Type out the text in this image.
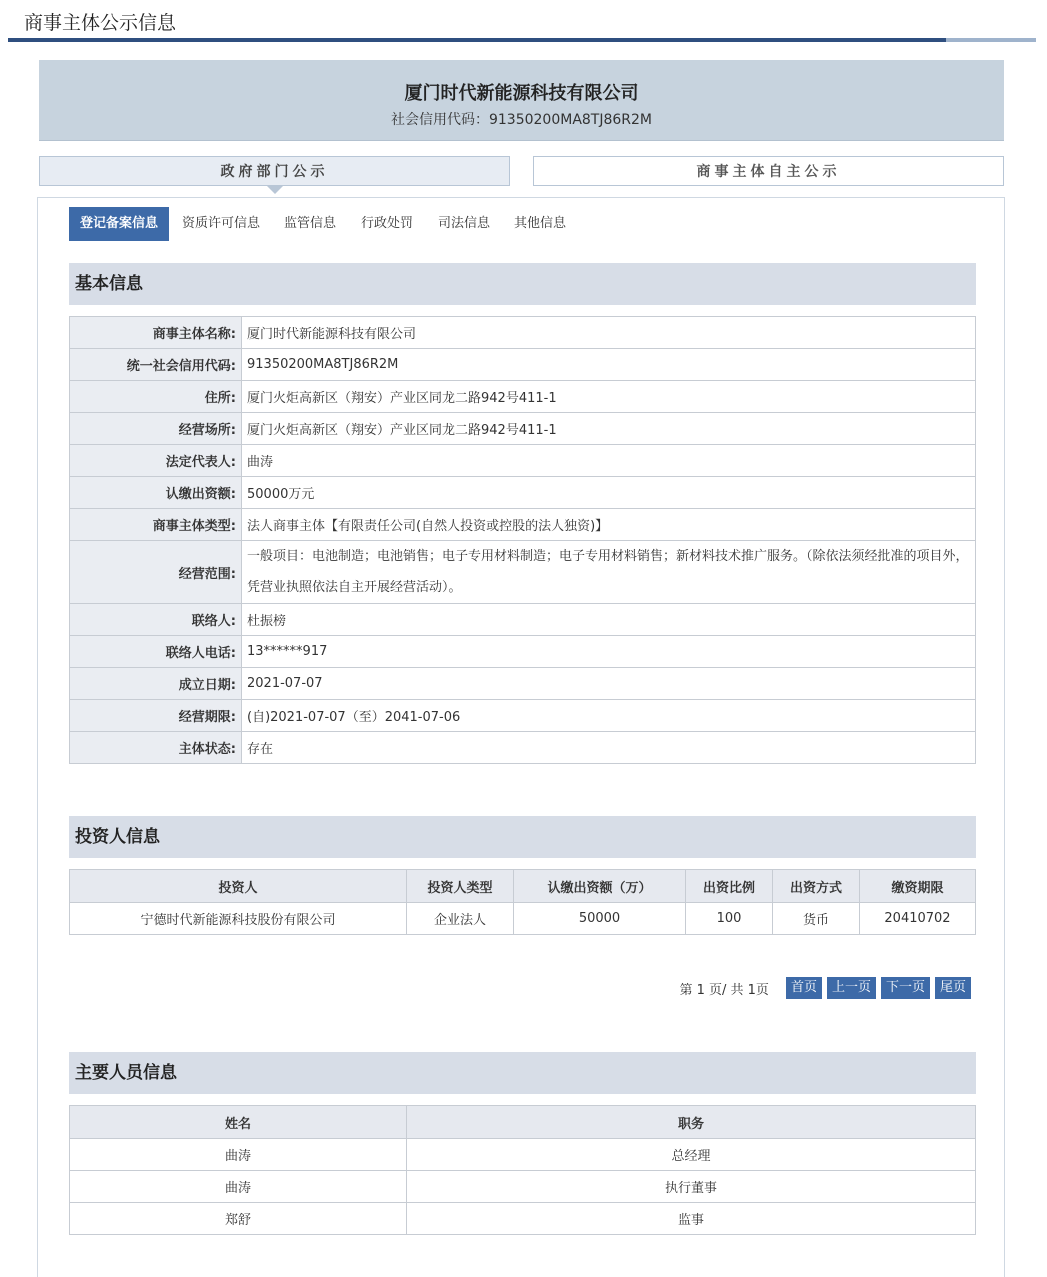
商事主体公示信息
厦门时代新能源科技有限公司
社会信用代码：91350200MA8TJ86R2M
政府部门公示	商事主体自主公示
登记备案信息	资质许可信息 监管信息 行政处罚 司法信息 其他信息
基本信息
商事主体名称:	厦门时代新能源科技有限公司
统一社会信用代码:	91350200MA8TJ86R2M
住所:	厦门火炬高新区（翔安）产业区同龙二路942号411-1
经营场所:	厦门火炬高新区（翔安）产业区同龙二路942号411-1
法定代表人:	曲涛
认缴出资额:	50000万元
商事主体类型:	法人商事主体【有限责任公司(自然人投资或控股的法人独资)】
经营范围:	一般项目：电池制造；电池销售；电子专用材料制造；电子专用材料销售；新材料技术推广服务。（除依法须经批准的项目外，凭营业执照依法自主开展经营活动）。
联络人:	杜振榜
联络人电话:	13******917
成立日期:	2021-07-07
经营期限:	(自)2021-07-07（至）2041-07-06
主体状态:	存在
投资人信息
投资人	投资人类型	认缴出资额（万）	出资比例	出资方式	缴资期限
宁德时代新能源科技股份有限公司	企业法人	50000	100	货币	20410702
第 1 页/ 共 1页	首页	上一页	下一页	尾页
主要人员信息
姓名	职务
曲涛	总经理
曲涛	执行董事
郑舒	监事
